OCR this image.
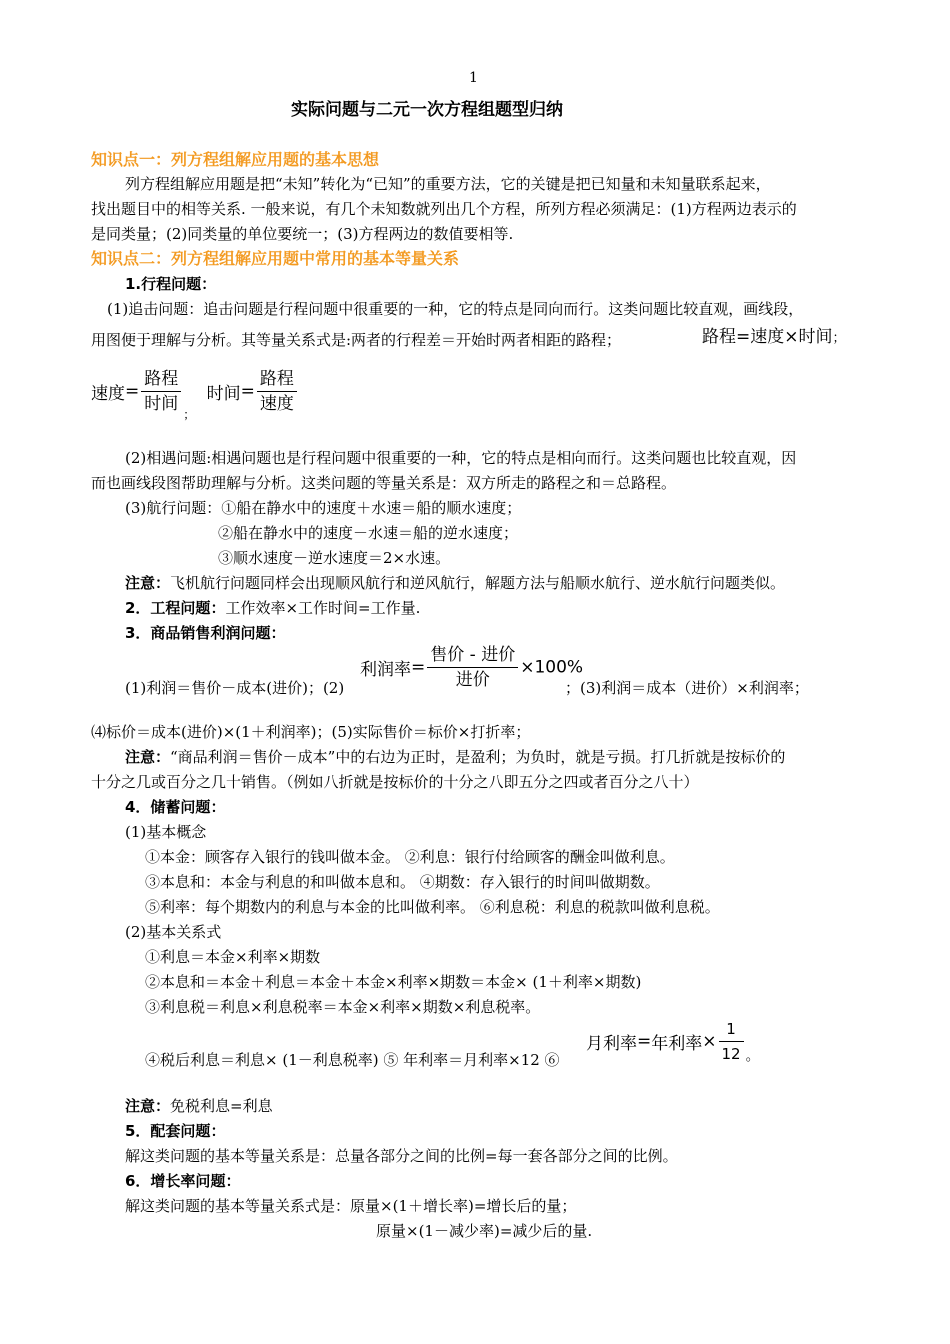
1
实际问题与二元一次方程组题型归纳
知识点一：列方程组解应用题的基本思想
列方程组解应用题是把“未知”转化为“已知”的重要方法，它的关键是把已知量和未知量联系起来，
找出题目中的相等关系. 一般来说，有几个未知数就列出几个方程，所列方程必须满足：(1)方程两边表示的
是同类量；(2)同类量的单位要统一；(3)方程两边的数值要相等.
知识点二：列方程组解应用题中常用的基本等量关系
1.行程问题：
(1)追击问题：追击问题是行程问题中很重要的一种，它的特点是同向而行。这类问题比较直观，画线段，
用图便于理解与分析。其等量关系式是:两者的行程差＝开始时两者相距的路程；	路程=速度×时间；
速度= $\frac{\text{路程}}{\text{时间}} _;$ 时间= $\frac{\text{路程}}{\text{速度}}$
(2)相遇问题:相遇问题也是行程问题中很重要的一种，它的特点是相向而行。这类问题也比较直观，因
而也画线段图帮助理解与分析。这类问题的等量关系是：双方所走的路程之和＝总路程。
(3)航行问题：①船在静水中的速度＋水速＝船的顺水速度；
②船在静水中的速度－水速＝船的逆水速度；
③顺水速度－逆水速度＝2×水速。
注意：飞机航行问题同样会出现顺风航行和逆风航行，解题方法与船顺水航行、逆水航行问题类似。
2．工程问题：工作效率×工作时间=工作量.
3．商品销售利润问题：
(1)利润＝售价－成本(进价)；(2)
利润率= $\frac{\text{售价 - 进价}}{\text{进价}} \times 100\%$
；(3)利润＝成本（进价）×利润率；
⑷标价＝成本(进价)×(1＋利润率)；(5)实际售价＝标价×打折率；
注意：“商品利润＝售价－成本”中的右边为正时，是盈利；为负时，就是亏损。打几折就是按标价的
十分之几或百分之几十销售。（例如八折就是按标价的十分之八即五分之四或者百分之八十）
4．储蓄问题：
(1)基本概念
①本金：顾客存入银行的钱叫做本金。 ②利息：银行付给顾客的酬金叫做利息。
③本息和：本金与利息的和叫做本息和。 ④期数：存入银行的时间叫做期数。
⑤利率：每个期数内的利息与本金的比叫做利率。 ⑥利息税：利息的税款叫做利息税。
(2)基本关系式
①利息＝本金×利率×期数
②本息和＝本金＋利息＝本金＋本金×利率×期数＝本金× (1＋利率×期数)
③利息税＝利息×利息税率＝本金×利率×期数×利息税率。
④税后利息＝利息× (1－利息税率) ⑤ 年利率＝月利率×12 ⑥
月利率=年利率× $\frac{1}{12} _。$
注意：免税利息=利息
5．配套问题：
解这类问题的基本等量关系是：总量各部分之间的比例=每一套各部分之间的比例。
6．增长率问题：
解这类问题的基本等量关系式是：原量×(1＋增长率)=增长后的量；
原量×(1－减少率)=减少后的量.
